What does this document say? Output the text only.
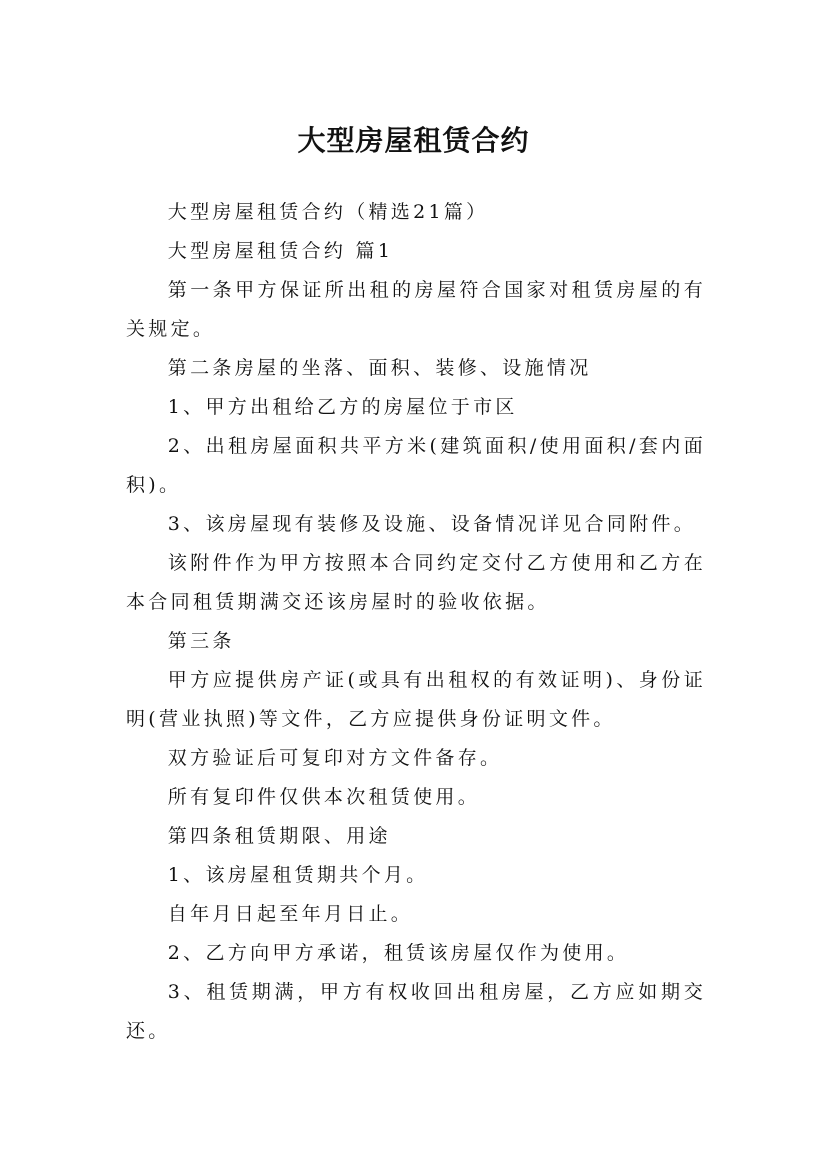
大型房屋租赁合约

大型房屋租赁合约（精选21篇）

大型房屋租赁合约 篇1

第一条甲方保证所出租的房屋符合国家对租赁房屋的有关规定。

第二条房屋的坐落、面积、装修、设施情况

1、甲方出租给乙方的房屋位于市区

2、出租房屋面积共平方米(建筑面积/使用面积/套内面积)。

3、该房屋现有装修及设施、设备情况详见合同附件。

该附件作为甲方按照本合同约定交付乙方使用和乙方在本合同租赁期满交还该房屋时的验收依据。

第三条

甲方应提供房产证(或具有出租权的有效证明)、身份证明(营业执照)等文件，乙方应提供身份证明文件。

双方验证后可复印对方文件备存。

所有复印件仅供本次租赁使用。

第四条租赁期限、用途

1、该房屋租赁期共个月。

自年月日起至年月日止。

2、乙方向甲方承诺，租赁该房屋仅作为使用。

3、租赁期满，甲方有权收回出租房屋，乙方应如期交还。
